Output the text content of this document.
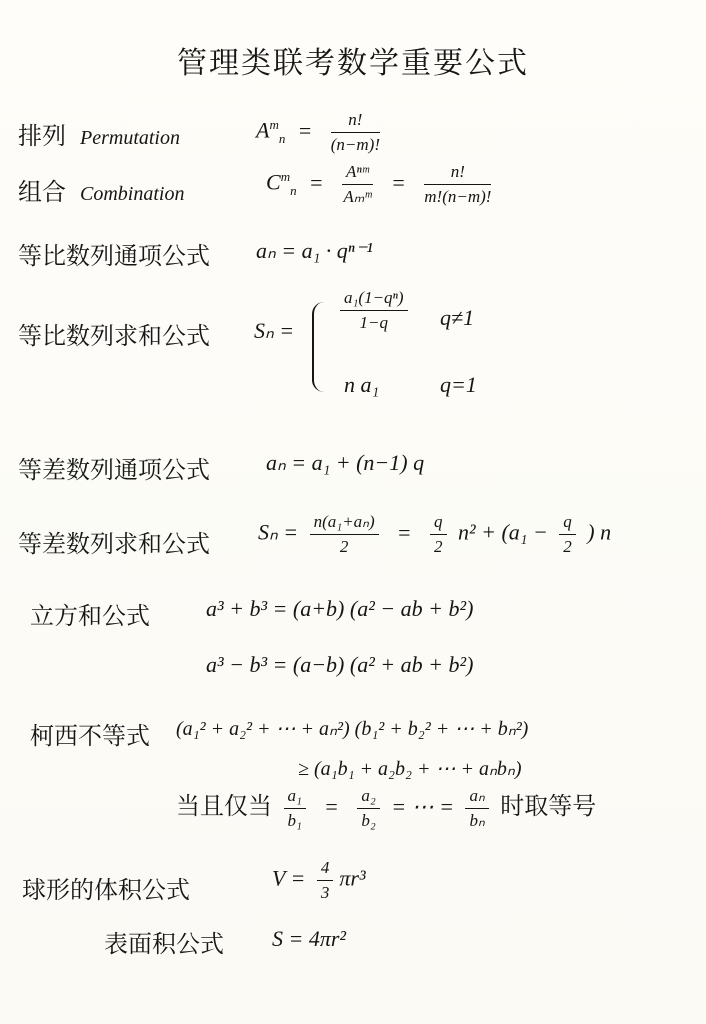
管理类联考数学重要公式
排列 Permutation	$A^m_n = \frac{n!}{(n-m)!}$
组合 Combination	$C^m_n = \frac{\text{Aⁿᵐ}}{\text{Aₘᵐ}} = \frac{n!}{m!(n-m)!}$
等比数列通项公式 aₙ = a₁ · qⁿ⁻¹
等比数列求和公式 Sₙ =	$\frac{\text{a₁(1−qⁿ)}}{1-q} q\ne 1$
n a₁	q=1
等差数列通项公式	aₙ = a₁ + (n−1) q
等差数列求和公式 $S_n = \frac{\text{n(a₁+aₙ)}}{2} = \frac{q}{2} n^2 + (a_1 - \frac{q}{2}$ ) n
立方和公式	a³ + b³ = (a+b) (a² − ab + b²)
a³ − b³ = (a−b) (a² + ab + b²)
柯西不等式 (a₁² + a₂² + ⋯ + aₙ²) (b₁² + b₂² + ⋯ + bₙ²)
≥ (a₁b₁ + a₂b₂ + ⋯ + aₙbₙ)
当且仅当 $\frac{\text{a₁}}{\text{b₁}} = \frac{\text{a₂}}{\text{b₂}}$ = ⋯ = $\frac{\text{aₙ}}{\text{bₙ}}$ 时取等号
球形的体积公式	$V = \frac{4}{3} \pi r^3$
表面积公式 S = 4πr²
